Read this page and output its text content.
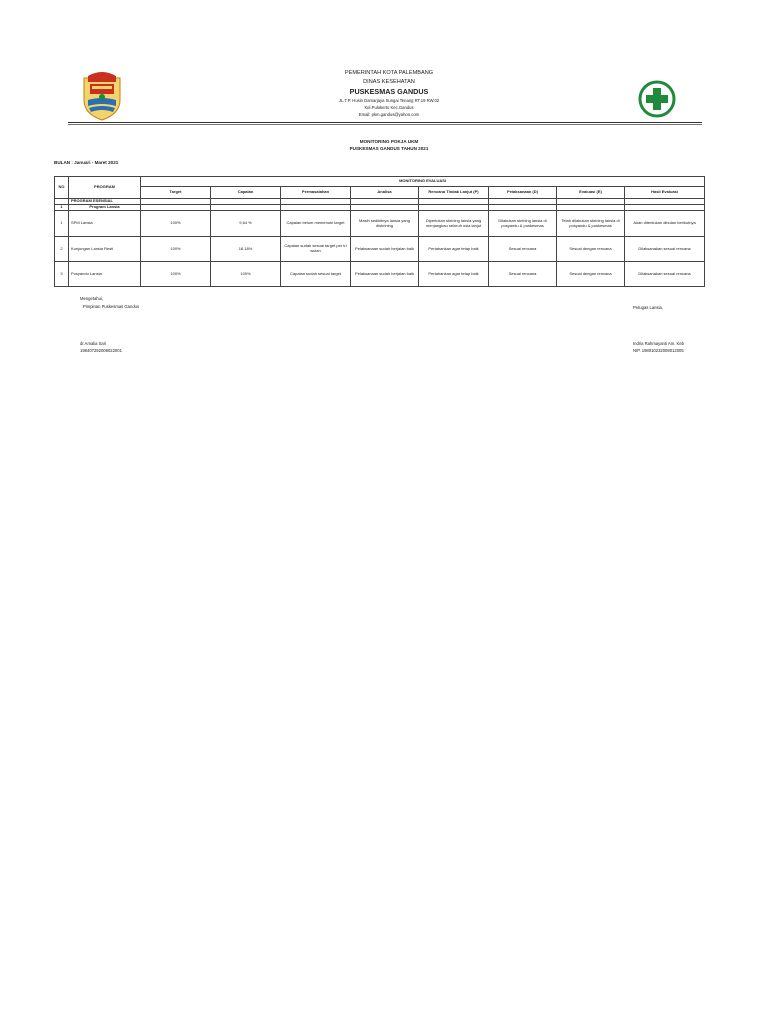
PEMERINTAH KOTA PALEMBANG
DINAS KESEHATAN
PUSKESMAS GANDUS
JL.T.P. Husin Damarjaya Sungai Tenang RT.19 RW.02
Kel.Pulokerto Kec.Gandus
Email: pkm.gandus@yahoo.com
MONITORING POKJA UKM
PUSKESMAS GANDUS TAHUN 2021
BULAN : Januari - Maret 2021
NO	PROGRAM	MONITORING EVALUASI							
		Target	Capaian	Permasalahan	Analisa	Rencana Tindak Lanjut (P)	Pelaksanaan (D)	Evaluasi (E)	Hasil Evaluasi
	PROGRAM ESENSIAL								
1	Program Lansia								
1	SPM Lansia	100%	9,64 %	Capaian belum memenuhi target	Masih sedikitnya lansia yang diskrining	Diperlukan skrining lansia yang menjangkau seluruh usia lanjut	Dilakukan skrining lansia di posyandu & puskesmas	Telah dilakukan skrining lansia di posyandu & puskesmas	Akan ditentukan dibulan berikutnya
2	Kunjungan Lansia Resti	100%	18.18%	Capaian sudah sesuai target per tri wulan	Pelaksanaan sudah berjalan baik	Pertahankan agar tetap baik	Sesuai rencana	Sesuai dengan rencana	Dilaksanakan sesuai rencana
3	Posyandu Lansia	100%	100%	Capaian sudah sesuai target	Pelaksanaan sudah berjalan baik	Pertahankan agar tetap baik	Sesuai rencana	Sesuai dengan rencana	Dilaksanakan sesuai rencana
Mengetahui,
Pimpinan Puskesmas Gandus
dr.Amalia Sari
198407292008022001
Petugas Lansia,
Indria Rahmayanti Am. Keb
NIP. 198010232008012005
